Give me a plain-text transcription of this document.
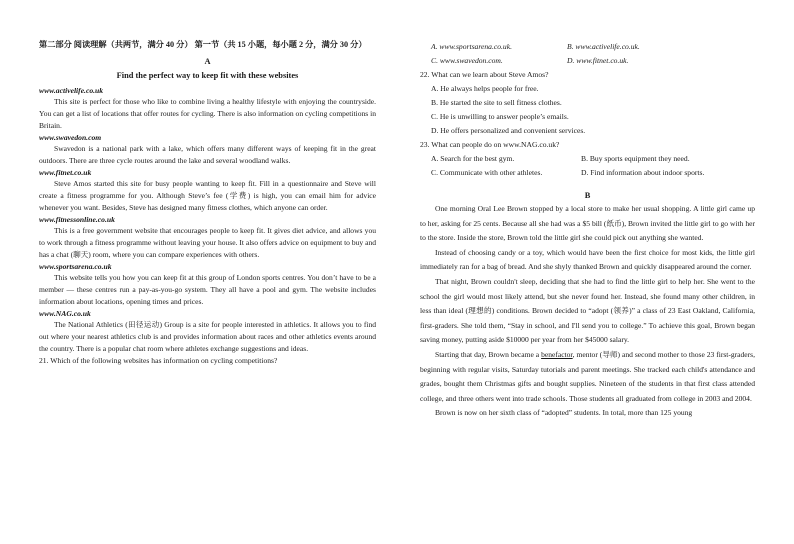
第二部分 阅读理解（共两节，满分 40 分） 第一节（共 15 小题，每小题 2 分，满分 30 分）

A

Find the perfect way to keep fit with these websites

www.activelife.co.uk

This site is perfect for those who like to combine living a healthy lifestyle with enjoying the countryside. You can get a list of locations that offer routes for cycling. There is also information on cycling competitions in Britain.

www.swavedon.com

Swavedon is a national park with a lake, which offers many different ways of keeping fit in the great outdoors. There are three cycle routes around the lake and several woodland walks.

www.fitnet.co.uk

Steve Amos started this site for busy people wanting to keep fit. Fill in a questionnaire and Steve will create a fitness programme for you. Although Steve’s fee (学费) is high, you can email him for advice whenever you want. Besides, Steve has designed many fitness clothes, which anyone can order.

www.fitnessonline.co.uk

This is a free government website that encourages people to keep fit. It gives diet advice, and allows you to work through a fitness programme without leaving your house. It also offers advice on equipment to buy and has a chat (聊天) room, where you can compare experiences with others.

www.sportsarena.co.uk

This website tells you how you can keep fit at this group of London sports centres. You don’t have to be a member — these centres run a pay-as-you-go system. They all have a pool and gym. The website includes information about locations, opening times and prices.

www.NAG.co.uk

The National Athletics (田径运动) Group is a site for people interested in athletics. It allows you to find out where your nearest athletics club is and provides information about races and other athletics events around the country. There is a popular chat room where athletes exchange suggestions and ideas.

21. Which of the following websites has information on cycling competitions?

A. www.sportsarena.co.uk.	B. www.activelife.co.uk.
C. www.swavedon.com.	D. www.fitnet.co.uk.

22. What can we learn about Steve Amos?

A. He always helps people for free.

B. He started the site to sell fitness clothes.

C. He is unwilling to answer people’s emails.

D. He offers personalized and convenient services.

23. What can people do on www.NAG.co.uk?

A. Search for the best gym.	B. Buy sports equipment they need.
C. Communicate with other athletes.	D. Find information about indoor sports.

B

One morning Oral Lee Brown stopped by a local store to make her usual shopping. A little girl came up to her, asking for 25 cents. Because all she had was a $5 bill (纸币), Brown invited the little girl to go with her to the store. Inside the store, Brown told the little girl she could pick out anything she wanted.

Instead of choosing candy or a toy, which would have been the first choice for most kids, the little girl immediately ran for a bag of bread. And she shyly thanked Brown and quickly disappeared around the corner.

That night, Brown couldn't sleep, deciding that she had to find the little girl to help her. She went to the school the girl would most likely attend, but she never found her. Instead, she found many other children, in less than ideal (理想的) conditions. Brown decided to “adopt (领养)” a class of 23 East Oakland, California, first-graders. She told them, “Stay in school, and I'll send you to college.” To achieve this goal, Brown began saving money, putting aside $10000 per year from her $45000 salary.

Starting that day, Brown became a benefactor, mentor (导师) and second mother to those 23 first-graders, beginning with regular visits, Saturday tutorials and parent meetings. She tracked each child's attendance and grades, bought them Christmas gifts and bought supplies. Nineteen of the students in that first class attended college, and three others went into trade schools. Those students all graduated from college in 2003 and 2004.

Brown is now on her sixth class of “adopted” students. In total, more than 125 young
